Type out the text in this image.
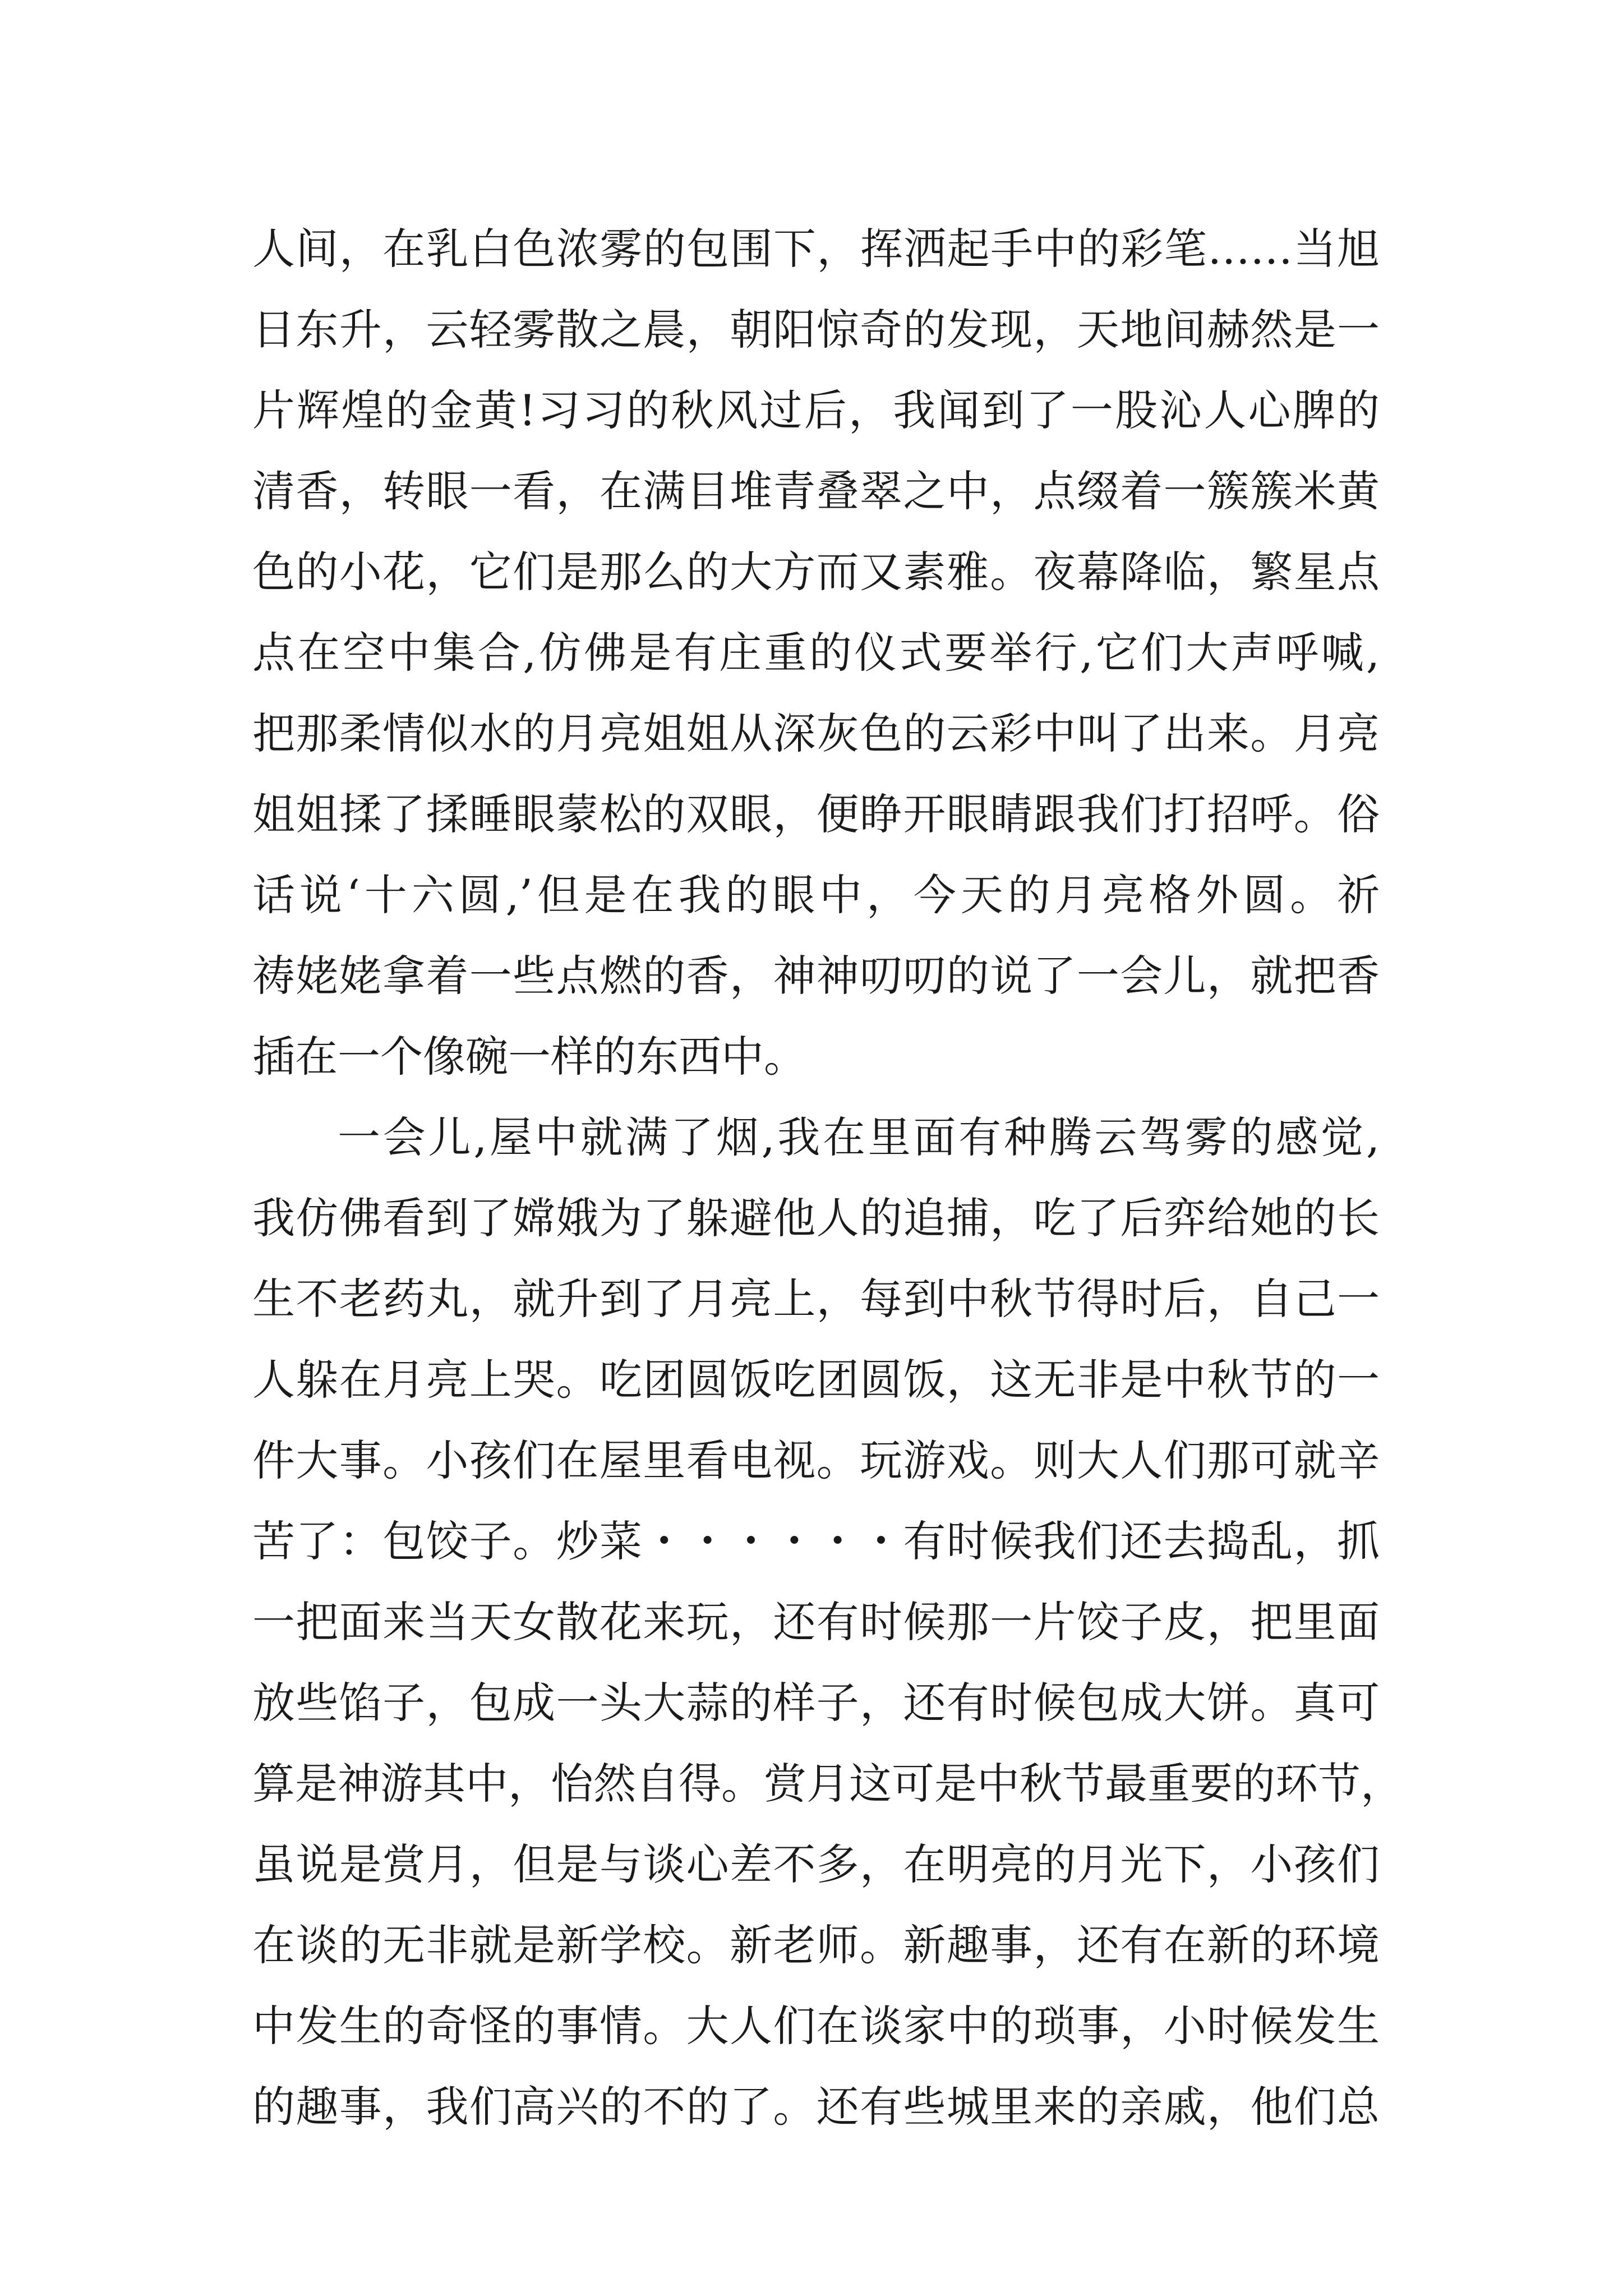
人间，在乳白色浓雾的包围下，挥洒起手中的彩笔……当旭
日东升，云轻雾散之晨，朝阳惊奇的发现，天地间赫然是一
片辉煌的金黄!习习的秋风过后，我闻到了一股沁人心脾的
清香，转眼一看，在满目堆青叠翠之中，点缀着一簇簇米黄
色的小花，它们是那么的大方而又素雅。夜幕降临，繁星点
点在空中集合,仿佛是有庄重的仪式要举行,它们大声呼喊,
把那柔情似水的月亮姐姐从深灰色的云彩中叫了出来。月亮
姐姐揉了揉睡眼蒙松的双眼，便睁开眼睛跟我们打招呼。俗
话说‘十六圆,’但是在我的眼中，今天的月亮格外圆。祈
祷姥姥拿着一些点燃的香，神神叨叨的说了一会儿，就把香
插在一个像碗一样的东西中。
一会儿,屋中就满了烟,我在里面有种腾云驾雾的感觉,
我仿佛看到了嫦娥为了躲避他人的追捕，吃了后弈给她的长
生不老药丸，就升到了月亮上，每到中秋节得时后，自己一
人躲在月亮上哭。吃团圆饭吃团圆饭，这无非是中秋节的一
件大事。小孩们在屋里看电视。玩游戏。则大人们那可就辛
苦了：包饺子。炒菜・・・・・・有时候我们还去捣乱，抓
一把面来当天女散花来玩，还有时候那一片饺子皮，把里面
放些馅子，包成一头大蒜的样子，还有时候包成大饼。真可
算是神游其中，怡然自得。赏月这可是中秋节最重要的环节，
虽说是赏月，但是与谈心差不多，在明亮的月光下，小孩们
在谈的无非就是新学校。新老师。新趣事，还有在新的环境
中发生的奇怪的事情。大人们在谈家中的琐事，小时候发生
的趣事，我们高兴的不的了。还有些城里来的亲戚，他们总
